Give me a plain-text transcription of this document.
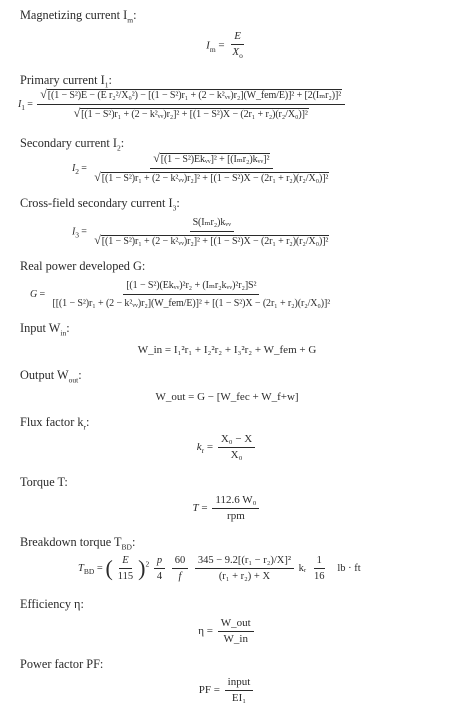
Magnetizing current $I_m$:
$I_m = \frac{E}{X_o}$
Primary current $I_1$:
$I_1$ =
√[(1 − S²)E − (E r₂²/X₀²) − [(1 − S²)r₁ + (2 − k²ᵥᵥ)r₂](W_fem/E)]² + [2(Iₘr₂)]²
√[(1 − S²)r₁ + (2 − k²ᵥᵥ)r₂]² + [(1 − S²)X − (2r₁ + r₂)(r₂/X₀)]²
Secondary current $I_2$:
$I_2$ =
√[(1 − S²)Ekᵥᵥ]² + [(Iₘr₂)kᵥᵥ]²
√[(1 − S²)r₁ + (2 − k²ᵥᵥ)r₂]² + [(1 − S²)X − (2r₁ + r₂)(r₂/X₀)]²
Cross-field secondary current $I_3$:
$I_3$ =
S(Iₘr₂)kᵥᵥ
√[(1 − S²)r₁ + (2 − k²ᵥᵥ)r₂]² + [(1 − S²)X − (2r₁ + r₂)(r₂/X₀)]²
Real power developed G:
G =
[(1 − S²)(Ekᵥᵥ)²r₂ + (Iₘr₂kᵥᵥ)²r₂]S²
[[(1 − S²)r₁ + (2 − k²ᵥᵥ)r₂](W_fem/E)]² + [(1 − S²)X − (2r₁ + r₂)(r₂/X₀)]²
Input $W_{in}$:
W_in = I₁²r₁ + I₂²r₂ + I₃²r₂ + W_fem + G
Output $W_{out}$:
W_out = G − [W_fec + W_f+w]
Flux factor $k_r$:
$k_r = \frac{\text{X₀ − X}}{\text{X₀}}$
Torque T:
$T = \frac{\text{112.6 W₀}}{\text{rpm}}$
Breakdown torque $T_{BD}$:
$T_{BD}$ = ( $\frac{E}{115} )^2 \frac{p}{4}$
$\frac{60}{f}$
$\frac{\text{345 − 9.2[(r₁ − r₂)/X]²}}{\text{(r₁ + r₂) + X}}$ kᵣ $\frac{1}{16}$ lb · ft
Efficiency η:
$\eta = \frac{\text{W\_out}}{W\_in}$
Power factor PF:
PF = $\frac{\text{input}}{\text{EI₁}}$
